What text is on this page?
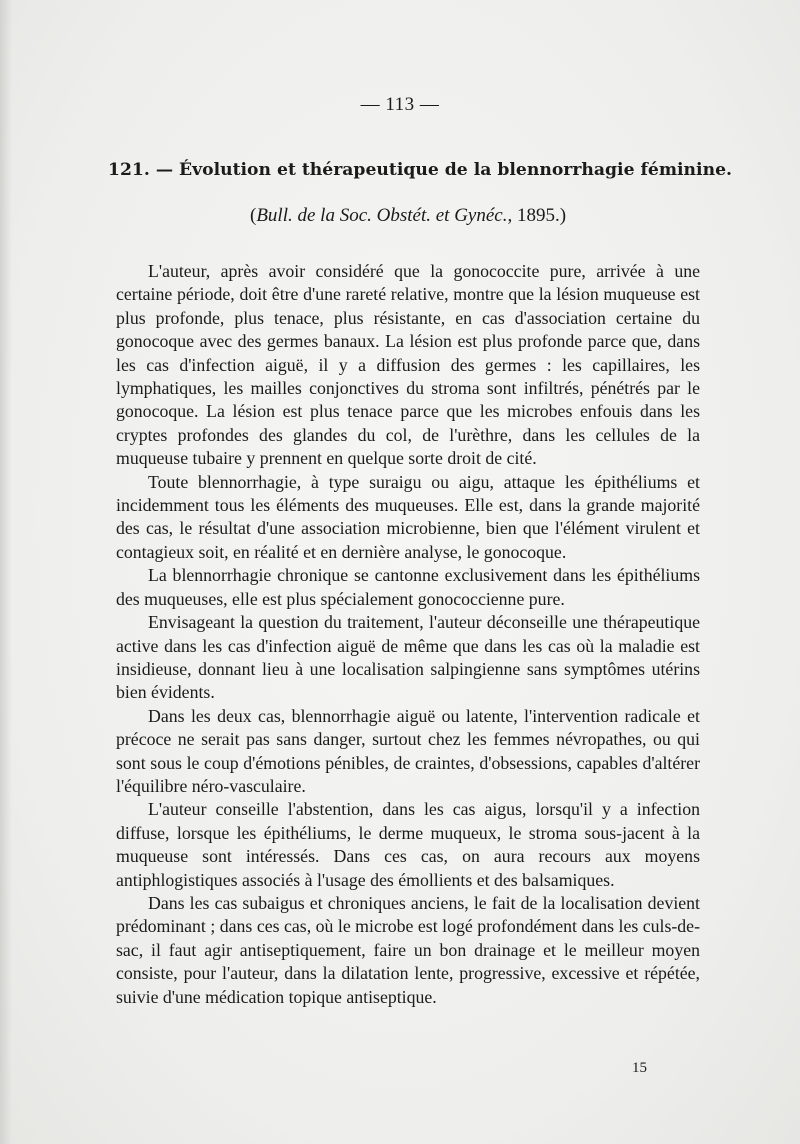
— 113 —
121. — Évolution et thérapeutique de la blennorrhagie féminine.
(Bull. de la Soc. Obstét. et Gynéc., 1895.)

L'auteur, après avoir considéré que la gonococcite pure, arrivée à une certaine période, doit être d'une rareté relative, montre que la lésion muqueuse est plus profonde, plus tenace, plus résistante, en cas d'association certaine du gonocoque avec des germes banaux. La lésion est plus profonde parce que, dans les cas d'infection aiguë, il y a diffusion des germes : les capillaires, les lymphatiques, les mailles conjonctives du stroma sont infiltrés, pénétrés par le gonocoque. La lésion est plus tenace parce que les microbes enfouis dans les cryptes profondes des glandes du col, de l'urèthre, dans les cellules de la muqueuse tubaire y prennent en quelque sorte droit de cité.

Toute blennorrhagie, à type suraigu ou aigu, attaque les épithéliums et incidemment tous les éléments des muqueuses. Elle est, dans la grande majorité des cas, le résultat d'une association microbienne, bien que l'élément virulent et contagieux soit, en réalité et en dernière analyse, le gonocoque.

La blennorrhagie chronique se cantonne exclusivement dans les épithéliums des muqueuses, elle est plus spécialement gonococcienne pure.

Envisageant la question du traitement, l'auteur déconseille une thérapeutique active dans les cas d'infection aiguë de même que dans les cas où la maladie est insidieuse, donnant lieu à une localisation salpingienne sans symptômes utérins bien évidents.

Dans les deux cas, blennorrhagie aiguë ou latente, l'intervention radicale et précoce ne serait pas sans danger, surtout chez les femmes névropathes, ou qui sont sous le coup d'émotions pénibles, de craintes, d'obsessions, capables d'altérer l'équilibre néro-vasculaire.

L'auteur conseille l'abstention, dans les cas aigus, lorsqu'il y a infection diffuse, lorsque les épithéliums, le derme muqueux, le stroma sous-jacent à la muqueuse sont intéressés. Dans ces cas, on aura recours aux moyens antiphlogistiques associés à l'usage des émollients et des balsamiques.

Dans les cas subaigus et chroniques anciens, le fait de la localisation devient prédominant ; dans ces cas, où le microbe est logé profondément dans les culs-de-sac, il faut agir antiseptiquement, faire un bon drainage et le meilleur moyen consiste, pour l'auteur, dans la dilatation lente, progressive, excessive et répétée, suivie d'une médication topique antiseptique.

15
